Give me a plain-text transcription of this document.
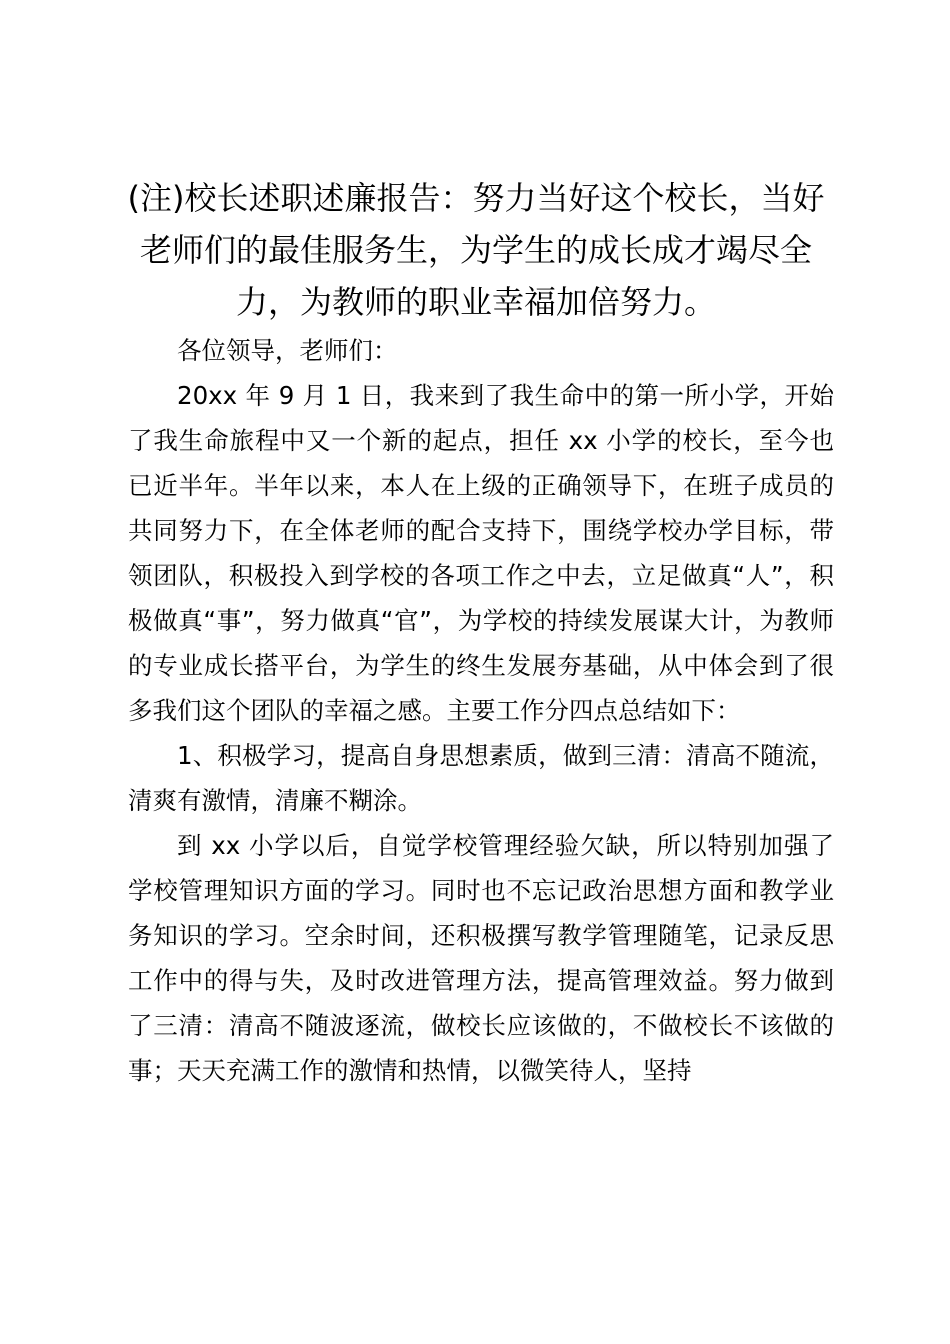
(注)校长述职述廉报告：努力当好这个校长，当好老师们的最佳服务生，为学生的成长成才竭尽全力，为教师的职业幸福加倍努力。

各位领导，老师们：

20xx 年 9 月 1 日，我来到了我生命中的第一所小学，开始了我生命旅程中又一个新的起点，担任 xx 小学的校长，至今也已近半年。半年以来，本人在上级的正确领导下，在班子成员的共同努力下，在全体老师的配合支持下，围绕学校办学目标，带领团队，积极投入到学校的各项工作之中去，立足做真“人”，积极做真“事”，努力做真“官”，为学校的持续发展谋大计，为教师的专业成长搭平台，为学生的终生发展夯基础，从中体会到了很多我们这个团队的幸福之感。主要工作分四点总结如下：

1、积极学习，提高自身思想素质，做到三清：清高不随流，清爽有激情，清廉不糊涂。

到 xx 小学以后，自觉学校管理经验欠缺，所以特别加强了学校管理知识方面的学习。同时也不忘记政治思想方面和教学业务知识的学习。空余时间，还积极撰写教学管理随笔，记录反思工作中的得与失，及时改进管理方法，提高管理效益。努力做到了三清：清高不随波逐流，做校长应该做的，不做校长不该做的事；天天充满工作的激情和热情，以微笑待人，坚持
